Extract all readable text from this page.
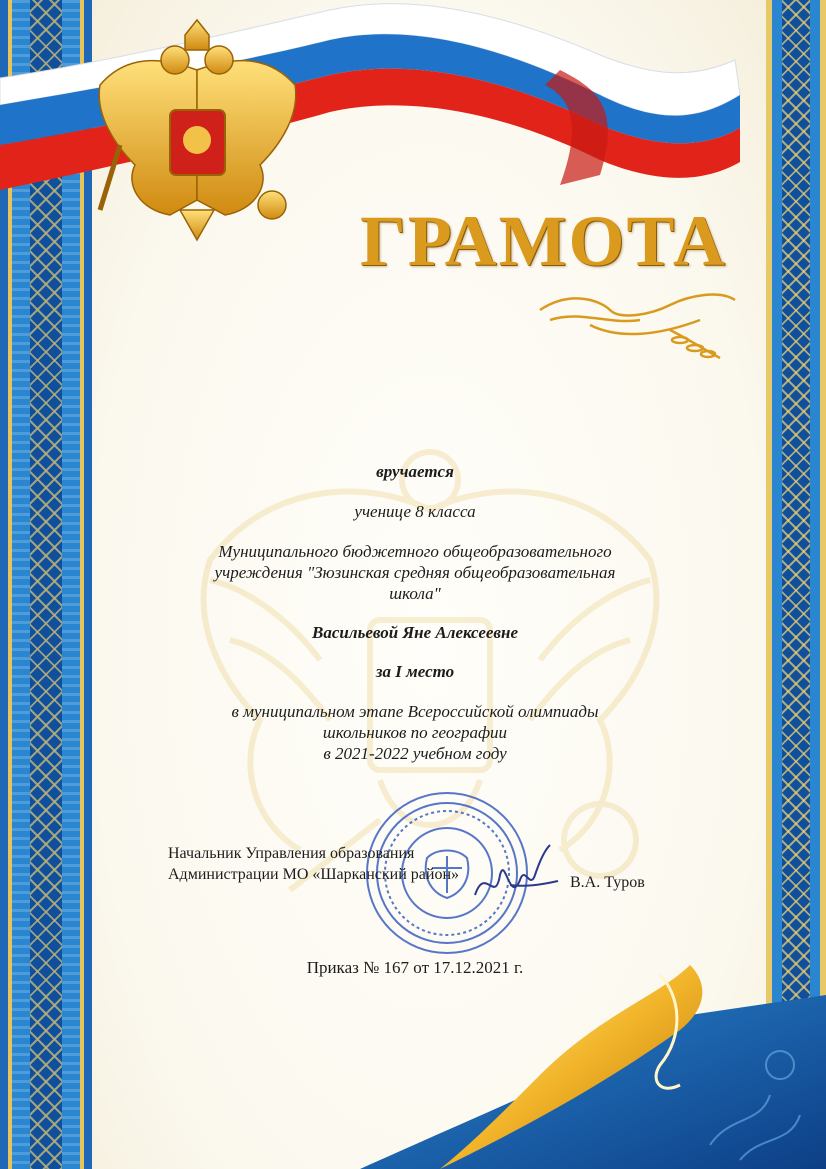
ГРАМОТА
вручается
ученице 8 класса
Муниципального бюджетного общеобразовательного
учреждения "Зюзинская средняя общеобразовательная
школа"
Васильевой Яне Алексеевне
за I место
в муниципальном этапе Всероссийской олимпиады
школьников по географии
в 2021-2022 учебном году
Начальник Управления образования
Администрации МО «Шарканский район»	В.А. Туров
Приказ № 167 от 17.12.2021 г.
